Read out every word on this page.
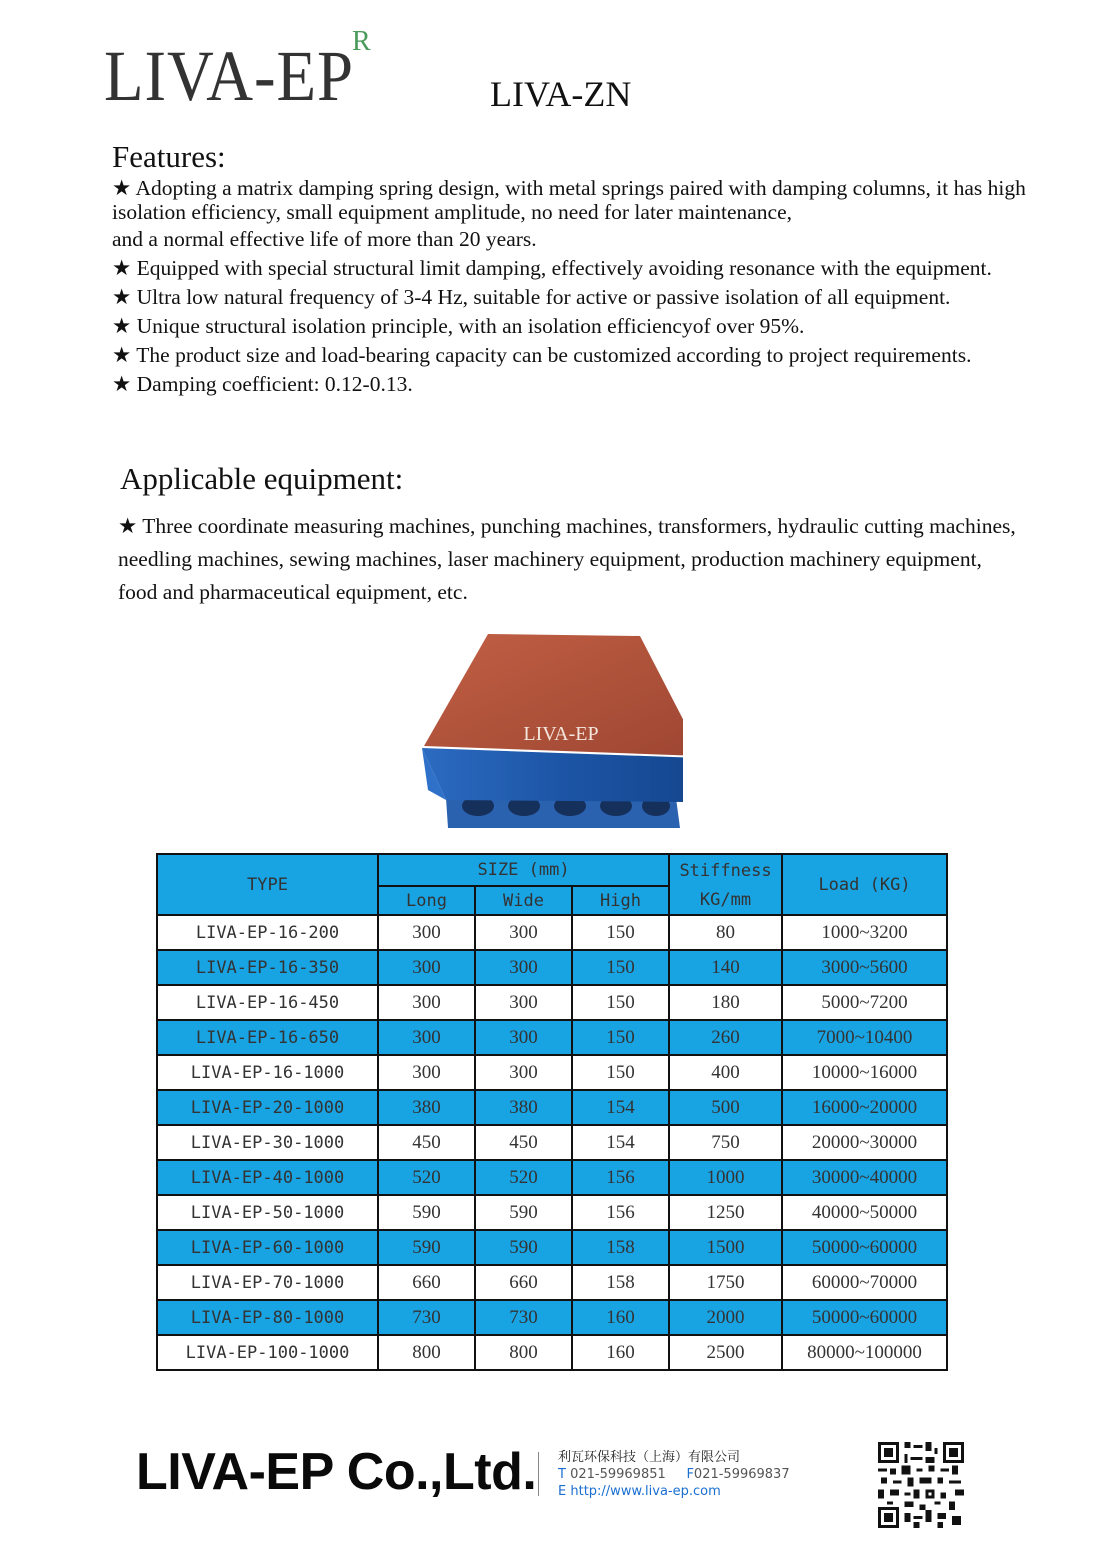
LIVA-EP
R
LIVA-ZN
Features:
★ Adopting a matrix damping spring design, with metal springs paired with damping columns, it has high isolation efficiency, small equipment amplitude, no need for later maintenance,
and a normal effective life of more than 20 years.
★ Equipped with special structural limit damping, effectively avoiding resonance with the equipment.
★ Ultra low natural frequency of 3-4 Hz, suitable for active or passive isolation of all equipment.
★ Unique structural isolation principle, with an isolation efficiencyof over 95%.
★ The product size and load-bearing capacity can be customized according to project requirements.
★ Damping coefficient: 0.12-0.13.
Applicable equipment:
★ Three coordinate measuring machines, punching machines, transformers, hydraulic cutting machines, needling machines, sewing machines, laser machinery equipment, production machinery equipment, food and pharmaceutical equipment, etc.
LIVA-EP
TYPE	SIZE (mm)			Stiffness	Load (KG)
	Long	Wide	High	KG/mm	
LIVA-EP-16-200	300	300	150	80	1000~3200
LIVA-EP-16-350	300	300	150	140	3000~5600
LIVA-EP-16-450	300	300	150	180	5000~7200
LIVA-EP-16-650	300	300	150	260	7000~10400
LIVA-EP-16-1000	300	300	150	400	10000~16000
LIVA-EP-20-1000	380	380	154	500	16000~20000
LIVA-EP-30-1000	450	450	154	750	20000~30000
LIVA-EP-40-1000	520	520	156	1000	30000~40000
LIVA-EP-50-1000	590	590	156	1250	40000~50000
LIVA-EP-60-1000	590	590	158	1500	50000~60000
LIVA-EP-70-1000	660	660	158	1750	60000~70000
LIVA-EP-80-1000	730	730	160	2000	50000~60000
LIVA-EP-100-1000	800	800	160	2500	80000~100000
LIVA-EP Co.,Ltd. 利瓦环保科技（上海）有限公司
T 021-59969851 F021-59969837
E http://www.liva-ep.com
